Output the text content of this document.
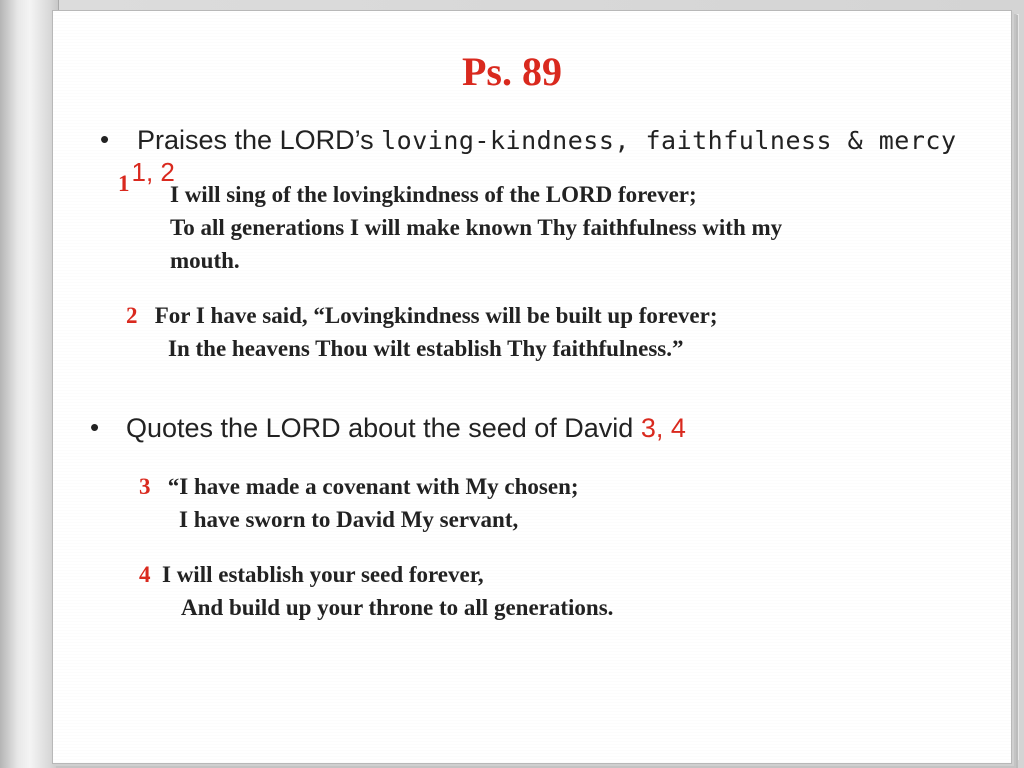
Ps. 89
• Praises the LORD’s loving-kindness, faithfulness & mercy
11, 2
I will sing of the lovingkindness of the LORD forever;
To all generations I will make known Thy faithfulness with my
mouth.
2 For I have said, “Lovingkindness will be built up forever;
In the heavens Thou wilt establish Thy faithfulness.”
• Quotes the LORD about the seed of David 3, 4
3 “I have made a covenant with My chosen;
I have sworn to David My servant,
4 I will establish your seed forever,
And build up your throne to all generations.
